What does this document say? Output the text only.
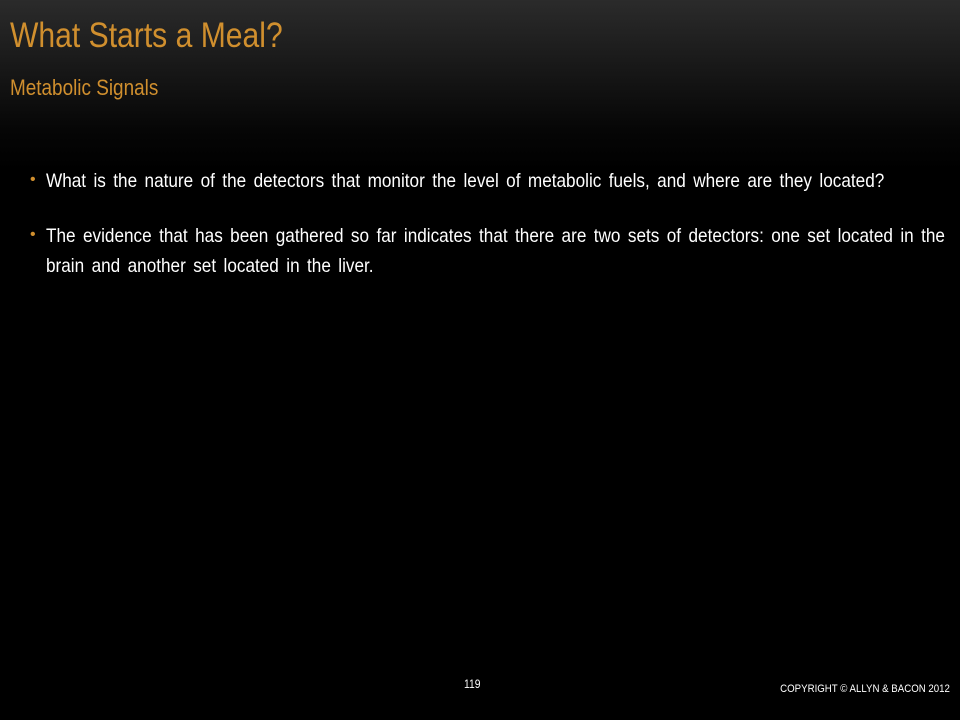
What Starts a Meal?
Metabolic Signals
• What is the nature of the detectors that monitor the level of metabolic fuels, and where are they located?
• The evidence that has been gathered so far indicates that there are two sets of detectors: one set located in the brain and another set located in the liver.
119	COPYRIGHT © ALLYN & BACON 2012
